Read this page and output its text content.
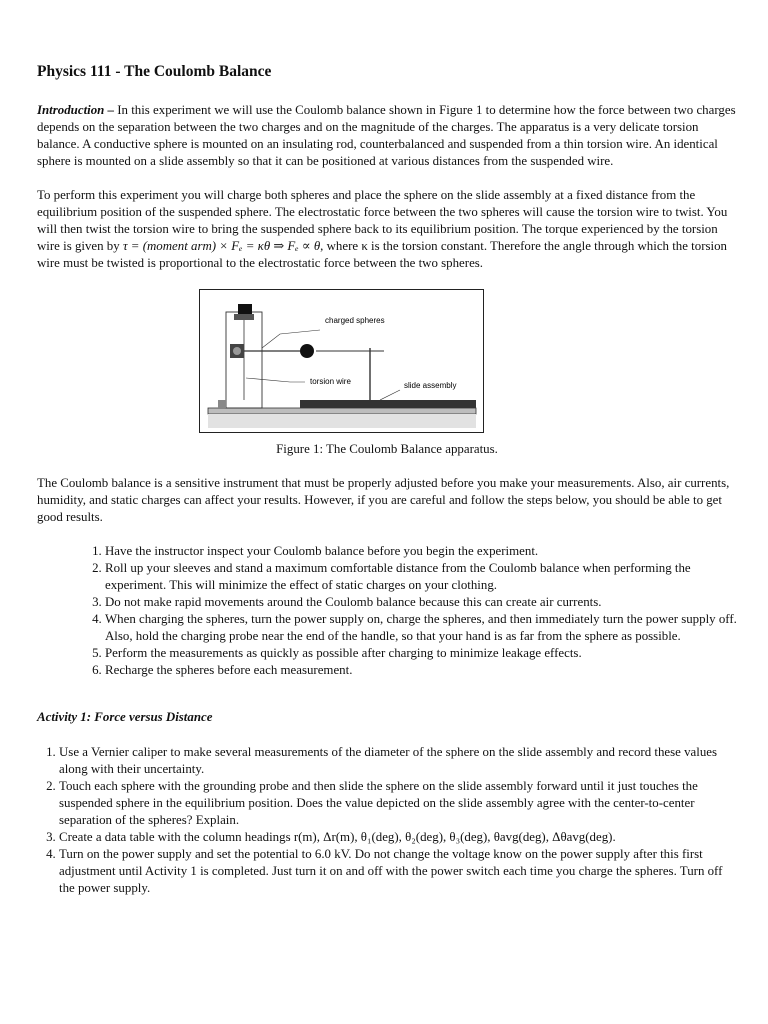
Physics 111 - The Coulomb Balance

Introduction – In this experiment we will use the Coulomb balance shown in Figure 1 to determine how the force between two charges depends on the separation between the two charges and on the magnitude of the charges. The apparatus is a very delicate torsion balance. A conductive sphere is mounted on an insulating rod, counterbalanced and suspended from a thin torsion wire. An identical sphere is mounted on a slide assembly so that it can be positioned at various distances from the suspended wire.

To perform this experiment you will charge both spheres and place the sphere on the slide assembly at a fixed distance from the equilibrium position of the suspended sphere. The electrostatic force between the two spheres will cause the torsion wire to twist. You will then twist the torsion wire to bring the suspended sphere back to its equilibrium position. The torque experienced by the torsion wire is given by τ = (moment arm) × Fₑ = κθ ⇒ Fₑ ∝ θ, where κ is the torsion constant. Therefore the angle through which the torsion wire must be twisted is proportional to the electrostatic force between the two spheres.

charged spheres
torsion wire	slide assembly
Figure 1: The Coulomb Balance apparatus.

The Coulomb balance is a sensitive instrument that must be properly adjusted before you make your measurements. Also, air currents, humidity, and static charges can affect your results. However, if you are careful and follow the steps below, you should be able to get good results.

1. Have the instructor inspect your Coulomb balance before you begin the experiment.
2. Roll up your sleeves and stand a maximum comfortable distance from the Coulomb balance when performing the experiment. This will minimize the effect of static charges on your clothing.
3. Do not make rapid movements around the Coulomb balance because this can create air currents.
4. When charging the spheres, turn the power supply on, charge the spheres, and then immediately turn the power supply off. Also, hold the charging probe near the end of the handle, so that your hand is as far from the sphere as possible.
5. Perform the measurements as quickly as possible after charging to minimize leakage effects.
6. Recharge the spheres before each measurement.
Activity 1: Force versus Distance
1. Use a Vernier caliper to make several measurements of the diameter of the sphere on the slide assembly and record these values along with their uncertainty.
2. Touch each sphere with the grounding probe and then slide the sphere on the slide assembly forward until it just touches the suspended sphere in the equilibrium position. Does the value depicted on the slide assembly agree with the center-to-center separation of the spheres? Explain.
3. Create a data table with the column headings r(m), Δr(m), θ₁(deg), θ₂(deg), θ₃(deg), θavg(deg), Δθavg(deg).
4. Turn on the power supply and set the potential to 6.0 kV. Do not change the voltage know on the power supply after this first adjustment until Activity 1 is completed. Just turn it on and off with the power switch each time you charge the spheres. Turn off the power supply.
